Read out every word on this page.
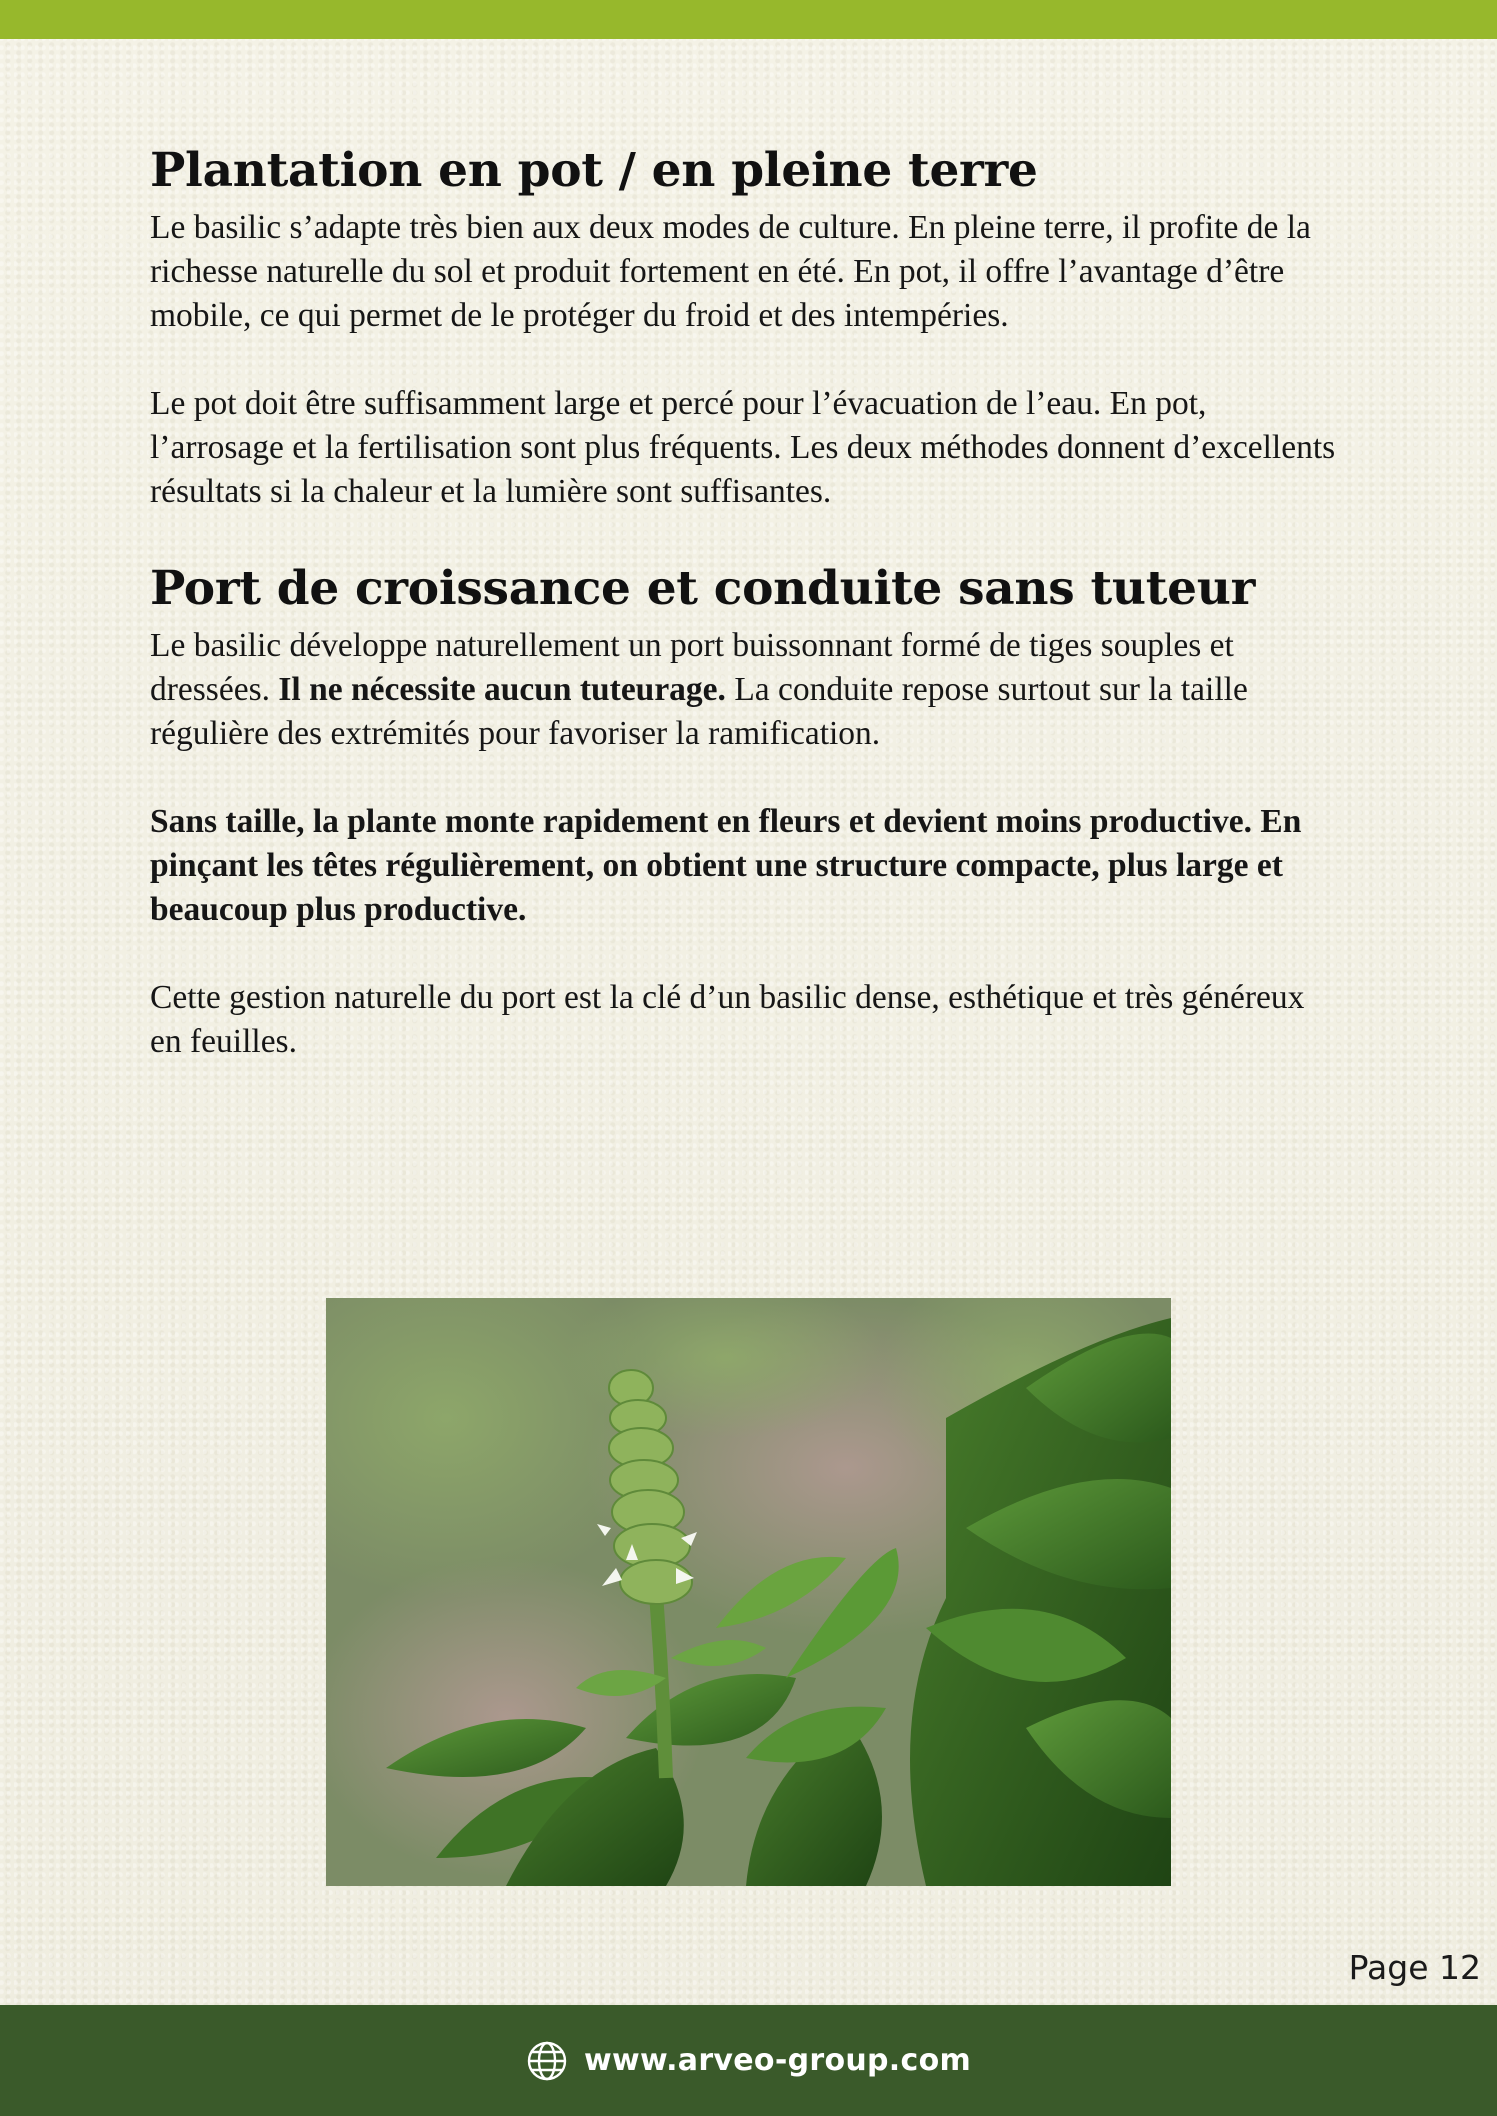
Plantation en pot / en pleine terre

Le basilic s’adapte très bien aux deux modes de culture. En pleine terre, il profite de la richesse naturelle du sol et produit fortement en été. En pot, il offre l’avantage d’être mobile, ce qui permet de le protéger du froid et des intempéries.

Le pot doit être suffisamment large et percé pour l’évacuation de l’eau. En pot, l’arrosage et la fertilisation sont plus fréquents. Les deux méthodes donnent d’excellents résultats si la chaleur et la lumière sont suffisantes.

Port de croissance et conduite sans tuteur

Le basilic développe naturellement un port buissonnant formé de tiges souples et dressées. Il ne nécessite aucun tuteurage. La conduite repose surtout sur la taille régulière des extrémités pour favoriser la ramification.

Sans taille, la plante monte rapidement en fleurs et devient moins productive. En pinçant les têtes régulièrement, on obtient une structure compacte, plus large et beaucoup plus productive.

Cette gestion naturelle du port est la clé d’un basilic dense, esthétique et très généreux en feuilles.

Page 12
www.arveo-group.com
